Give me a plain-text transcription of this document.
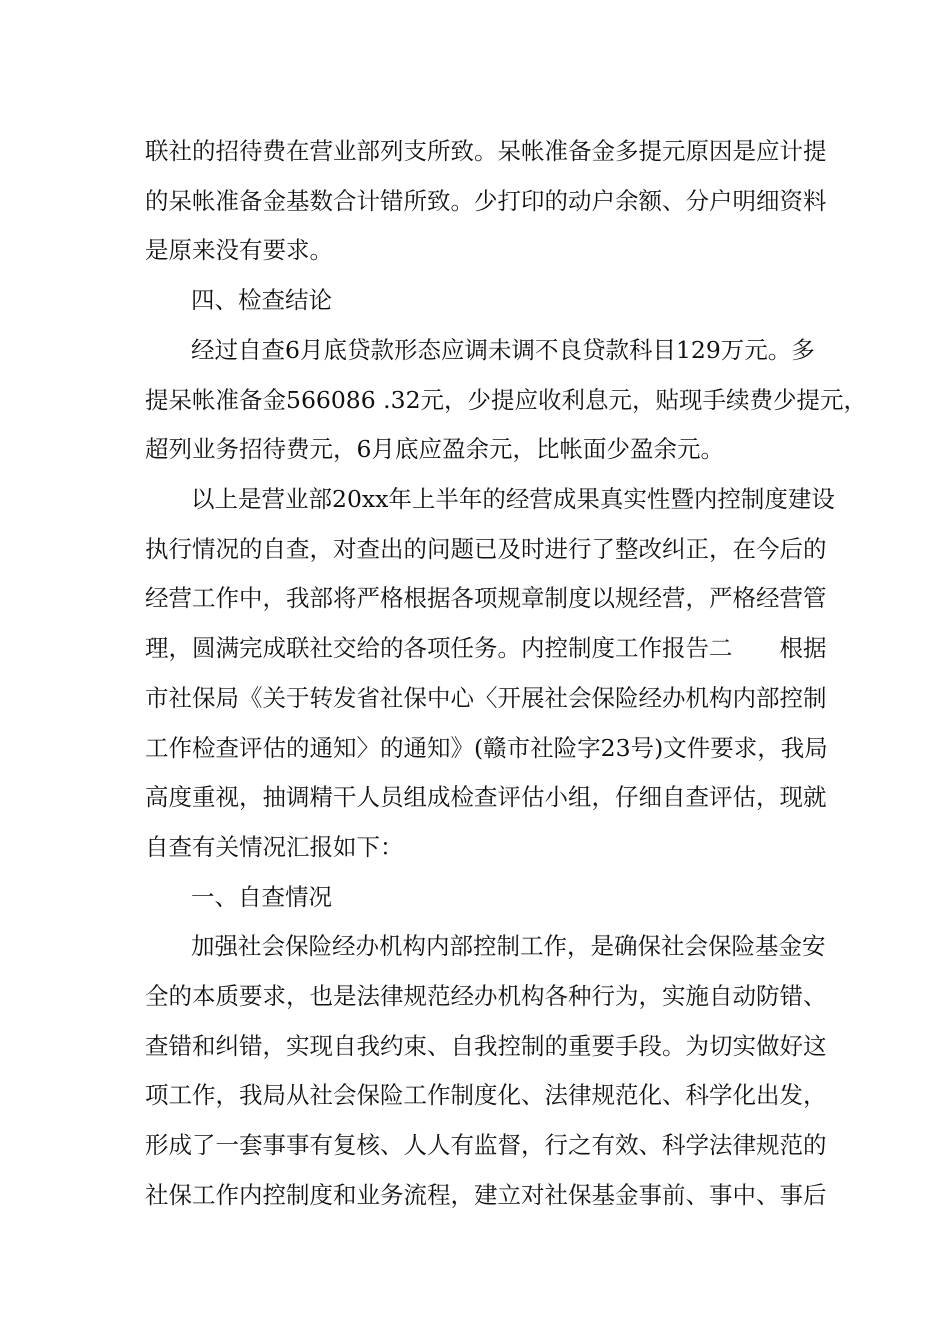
联社的招待费在营业部列支所致。呆帐准备金多提元原因是应计提
的呆帐准备金基数合计错所致。少打印的动户余额、分户明细资料
是原来没有要求。
四、检查结论
经过自查6月底贷款形态应调未调不良贷款科目129万元。多
提呆帐准备金566086 .32元，少提应收利息元，贴现手续费少提元，
超列业务招待费元，6月底应盈余元，比帐面少盈余元。
以上是营业部20xx年上半年的经营成果真实性暨内控制度建设
执行情况的自查，对查出的问题已及时进行了整改纠正，在今后的
经营工作中，我部将严格根据各项规章制度以规经营，严格经营管
理，圆满完成联社交给的各项任务。内控制度工作报告二　　根据
市社保局《关于转发省社保中心〈开展社会保险经办机构内部控制
工作检查评估的通知〉的通知》(赣市社险字23号)文件要求，我局
高度重视，抽调精干人员组成检查评估小组，仔细自查评估，现就
自查有关情况汇报如下：
一、自查情况
加强社会保险经办机构内部控制工作，是确保社会保险基金安
全的本质要求，也是法律规范经办机构各种行为，实施自动防错、
查错和纠错，实现自我约束、自我控制的重要手段。为切实做好这
项工作，我局从社会保险工作制度化、法律规范化、科学化出发，
形成了一套事事有复核、人人有监督，行之有效、科学法律规范的
社保工作内控制度和业务流程，建立对社保基金事前、事中、事后
